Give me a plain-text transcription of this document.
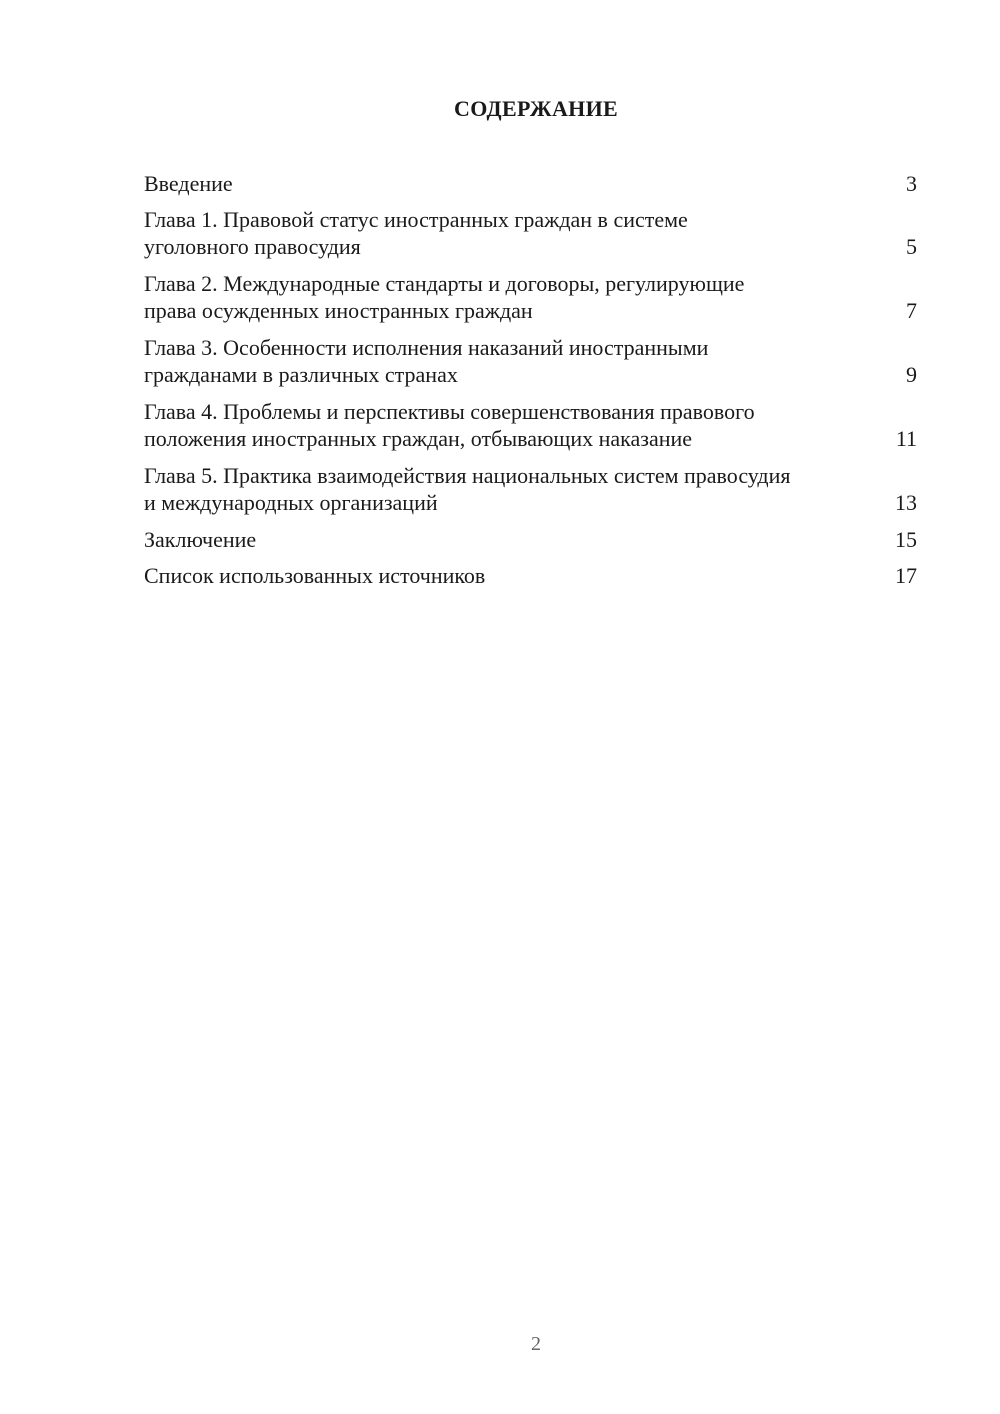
СОДЕРЖАНИЕ
Введение	3
Глава 1. Правовой статус иностранных граждан в системе уголовного правосудия	5
Глава 2. Международные стандарты и договоры, регулирующие права осужденных иностранных граждан	7
Глава 3. Особенности исполнения наказаний иностранными гражданами в различных странах	9
Глава 4. Проблемы и перспективы совершенствования правового положения иностранных граждан, отбывающих наказание	11
Глава 5. Практика взаимодействия национальных систем правосудия и международных организаций	13
Заключение	15
Список использованных источников	17
2
